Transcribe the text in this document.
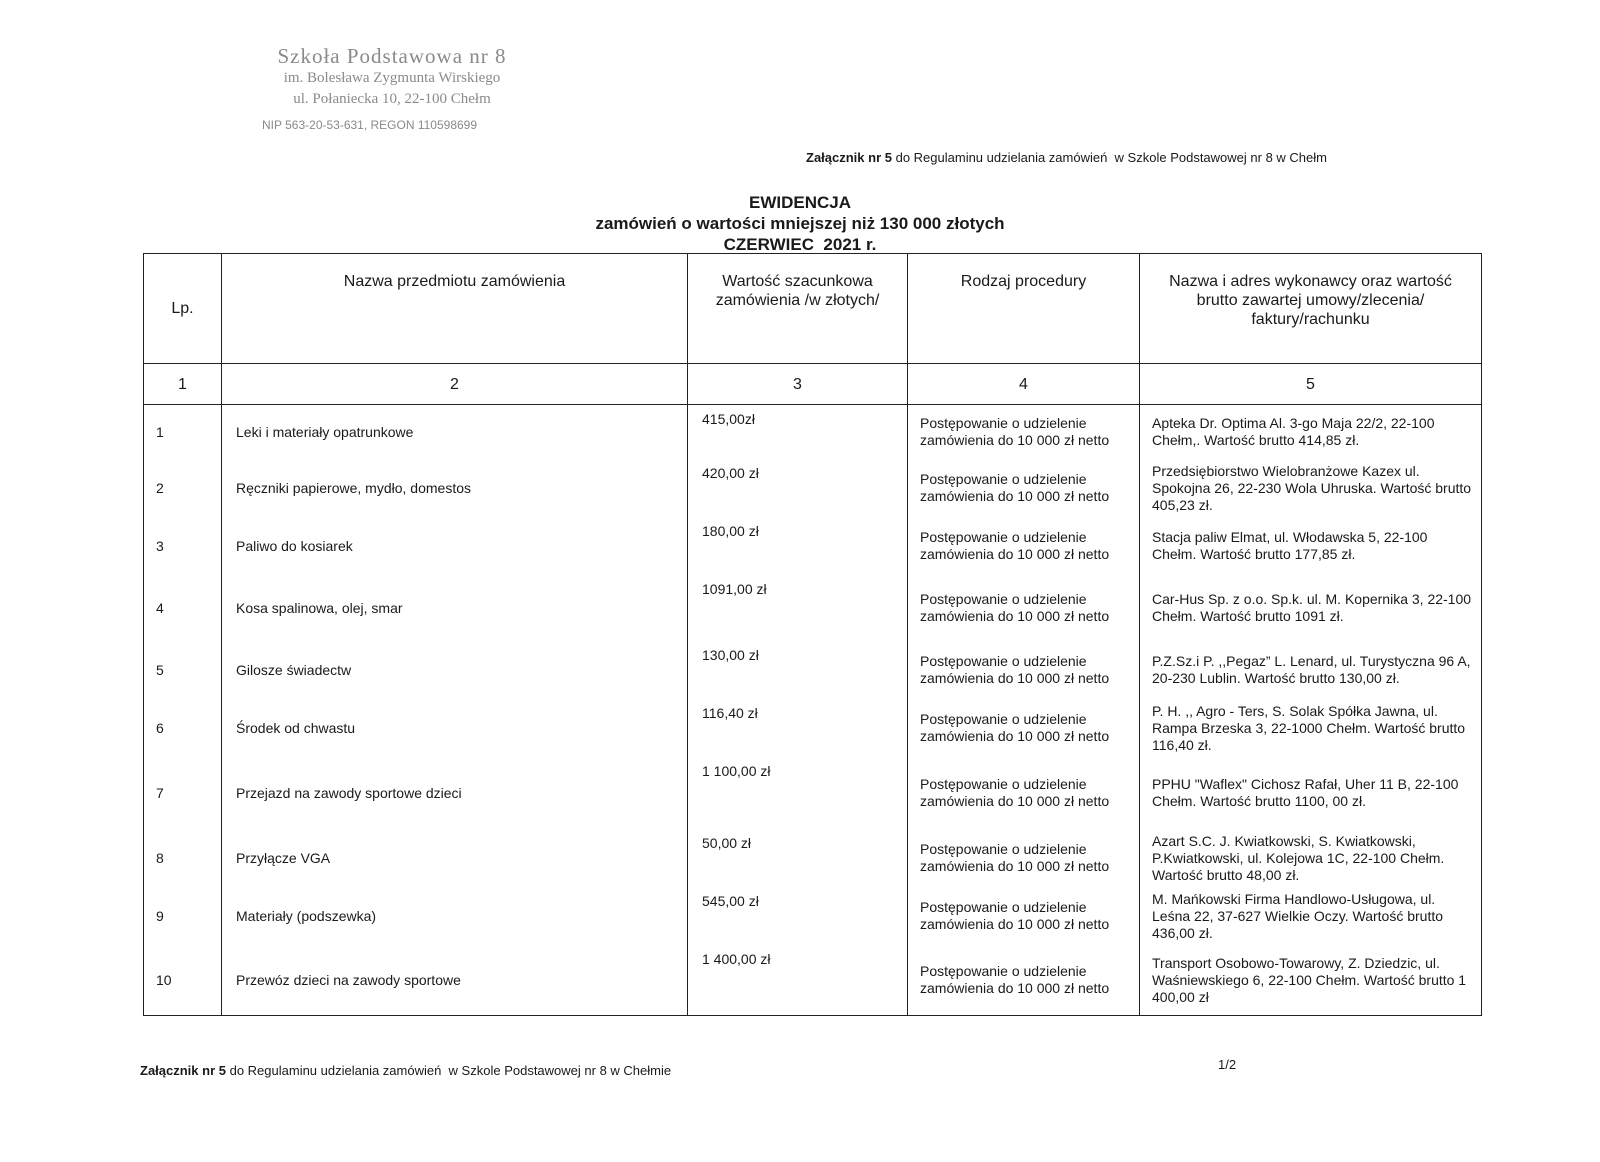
Szkoła Podstawowa nr 8
im. Bolesława Zygmunta Wirskiego
ul. Połaniecka 10, 22-100 Chełm
NIP 563-20-53-631, REGON 110598699
Załącznik nr 5 do Regulaminu udzielania zamówień  w Szkole Podstawowej nr 8 w Chełm
EWIDENCJA
zamówień o wartości mniejszej niż 130 000 złotych
CZERWIEC  2021 r.
Lp.	Nazwa przedmiotu zamówienia	Wartość szacunkowa zamówienia /w złotych/	Rodzaj procedury	Nazwa i adres wykonawcy oraz wartość brutto zawartej umowy/zlecenia/ faktury/rachunku
1	2	3	4	5
1	Leki i materiały opatrunkowe	415,00zł	Postępowanie o udzielenie zamówienia do 10 000 zł netto	Apteka Dr. Optima Al. 3-go Maja 22/2, 22-100 Chełm,. Wartość brutto 414,85 zł.
2	Ręczniki papierowe, mydło, domestos	420,00 zł	Postępowanie o udzielenie zamówienia do 10 000 zł netto	Przedsiębiorstwo Wielobranżowe Kazex ul. Spokojna 26, 22-230 Wola Uhruska. Wartość brutto 405,23 zł.
3	Paliwo do kosiarek	180,00 zł	Postępowanie o udzielenie zamówienia do 10 000 zł netto	Stacja paliw Elmat, ul. Włodawska 5, 22-100 Chełm. Wartość brutto 177,85 zł.
4	Kosa spalinowa, olej, smar	1091,00 zł	Postępowanie o udzielenie zamówienia do 10 000 zł netto	Car-Hus Sp. z o.o. Sp.k. ul. M. Kopernika 3, 22-100 Chełm. Wartość brutto 1091 zł.
5	Gilosze świadectw	130,00 zł	Postępowanie o udzielenie zamówienia do 10 000 zł netto	P.Z.Sz.i P. ,,Pegaz” L. Lenard, ul. Turystyczna 96 A, 20-230 Lublin. Wartość brutto 130,00 zł.
6	Środek od chwastu	116,40 zł	Postępowanie o udzielenie zamówienia do 10 000 zł netto	P. H. ,, Agro - Ters, S. Solak Spółka Jawna, ul. Rampa Brzeska 3, 22-1000 Chełm. Wartość brutto 116,40 zł.
7	Przejazd na zawody sportowe dzieci	1 100,00 zł	Postępowanie o udzielenie zamówienia do 10 000 zł netto	PPHU "Waflex" Cichosz Rafał, Uher 11 B, 22-100 Chełm. Wartość brutto 1100, 00 zł.
8	Przyłącze VGA	50,00 zł	Postępowanie o udzielenie zamówienia do 10 000 zł netto	Azart S.C. J. Kwiatkowski, S. Kwiatkowski, P.Kwiatkowski, ul. Kolejowa 1C, 22-100 Chełm. Wartość brutto 48,00 zł.
9	Materiały (podszewka)	545,00 zł	Postępowanie o udzielenie zamówienia do 10 000 zł netto	M. Mańkowski Firma Handlowo-Usługowa, ul. Leśna 22, 37-627 Wielkie Oczy. Wartość brutto 436,00 zł.
10	Przewóz dzieci na zawody sportowe	1 400,00 zł	Postępowanie o udzielenie zamówienia do 10 000 zł netto	Transport Osobowo-Towarowy, Z. Dziedzic, ul. Waśniewskiego 6, 22-100 Chełm. Wartość brutto 1 400,00 zł
Załącznik nr 5 do Regulaminu udzielania zamówień  w Szkole Podstawowej nr 8 w Chełmie	1/2
